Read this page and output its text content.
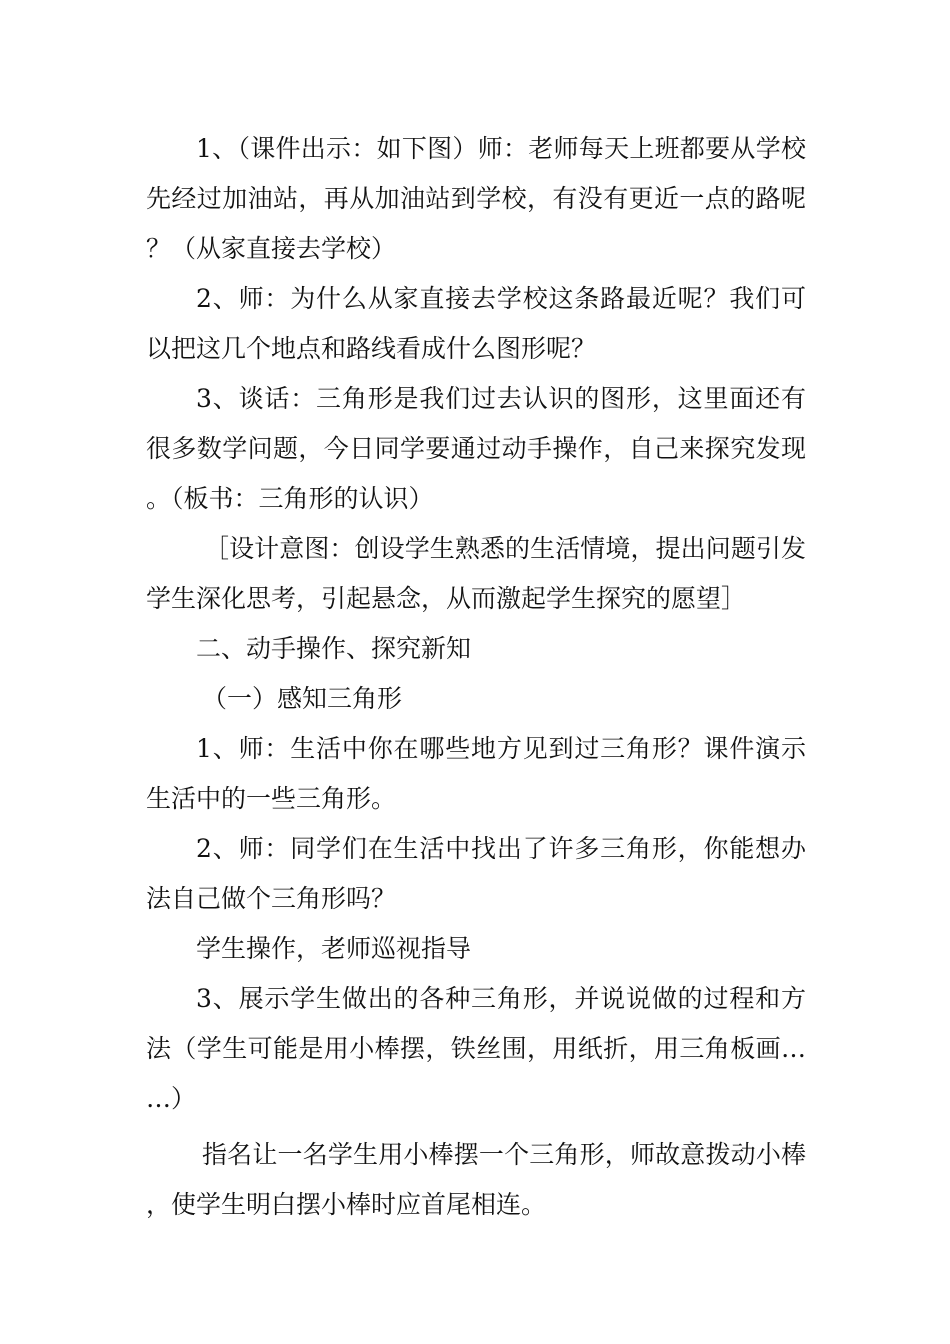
1、（课件出示：如下图）师：老师每天上班都要从学校先经过加油站，再从加油站到学校，有没有更近一点的路呢？（从家直接去学校）

2、师：为什么从家直接去学校这条路最近呢？我们可以把这几个地点和路线看成什么图形呢？

3、谈话：三角形是我们过去认识的图形，这里面还有很多数学问题，今日同学要通过动手操作，自己来探究发现。（板书：三角形的认识）

［设计意图：创设学生熟悉的生活情境，提出问题引发学生深化思考，引起悬念，从而激起学生探究的愿望］

二、动手操作、探究新知

（一）感知三角形

1、师：生活中你在哪些地方见到过三角形？课件演示生活中的一些三角形。

2、师：同学们在生活中找出了许多三角形，你能想办法自己做个三角形吗？

学生操作，老师巡视指导

3、展示学生做出的各种三角形，并说说做的过程和方法（学生可能是用小棒摆，铁丝围，用纸折，用三角板画……）

指名让一名学生用小棒摆一个三角形，师故意拨动小棒，使学生明白摆小棒时应首尾相连。
